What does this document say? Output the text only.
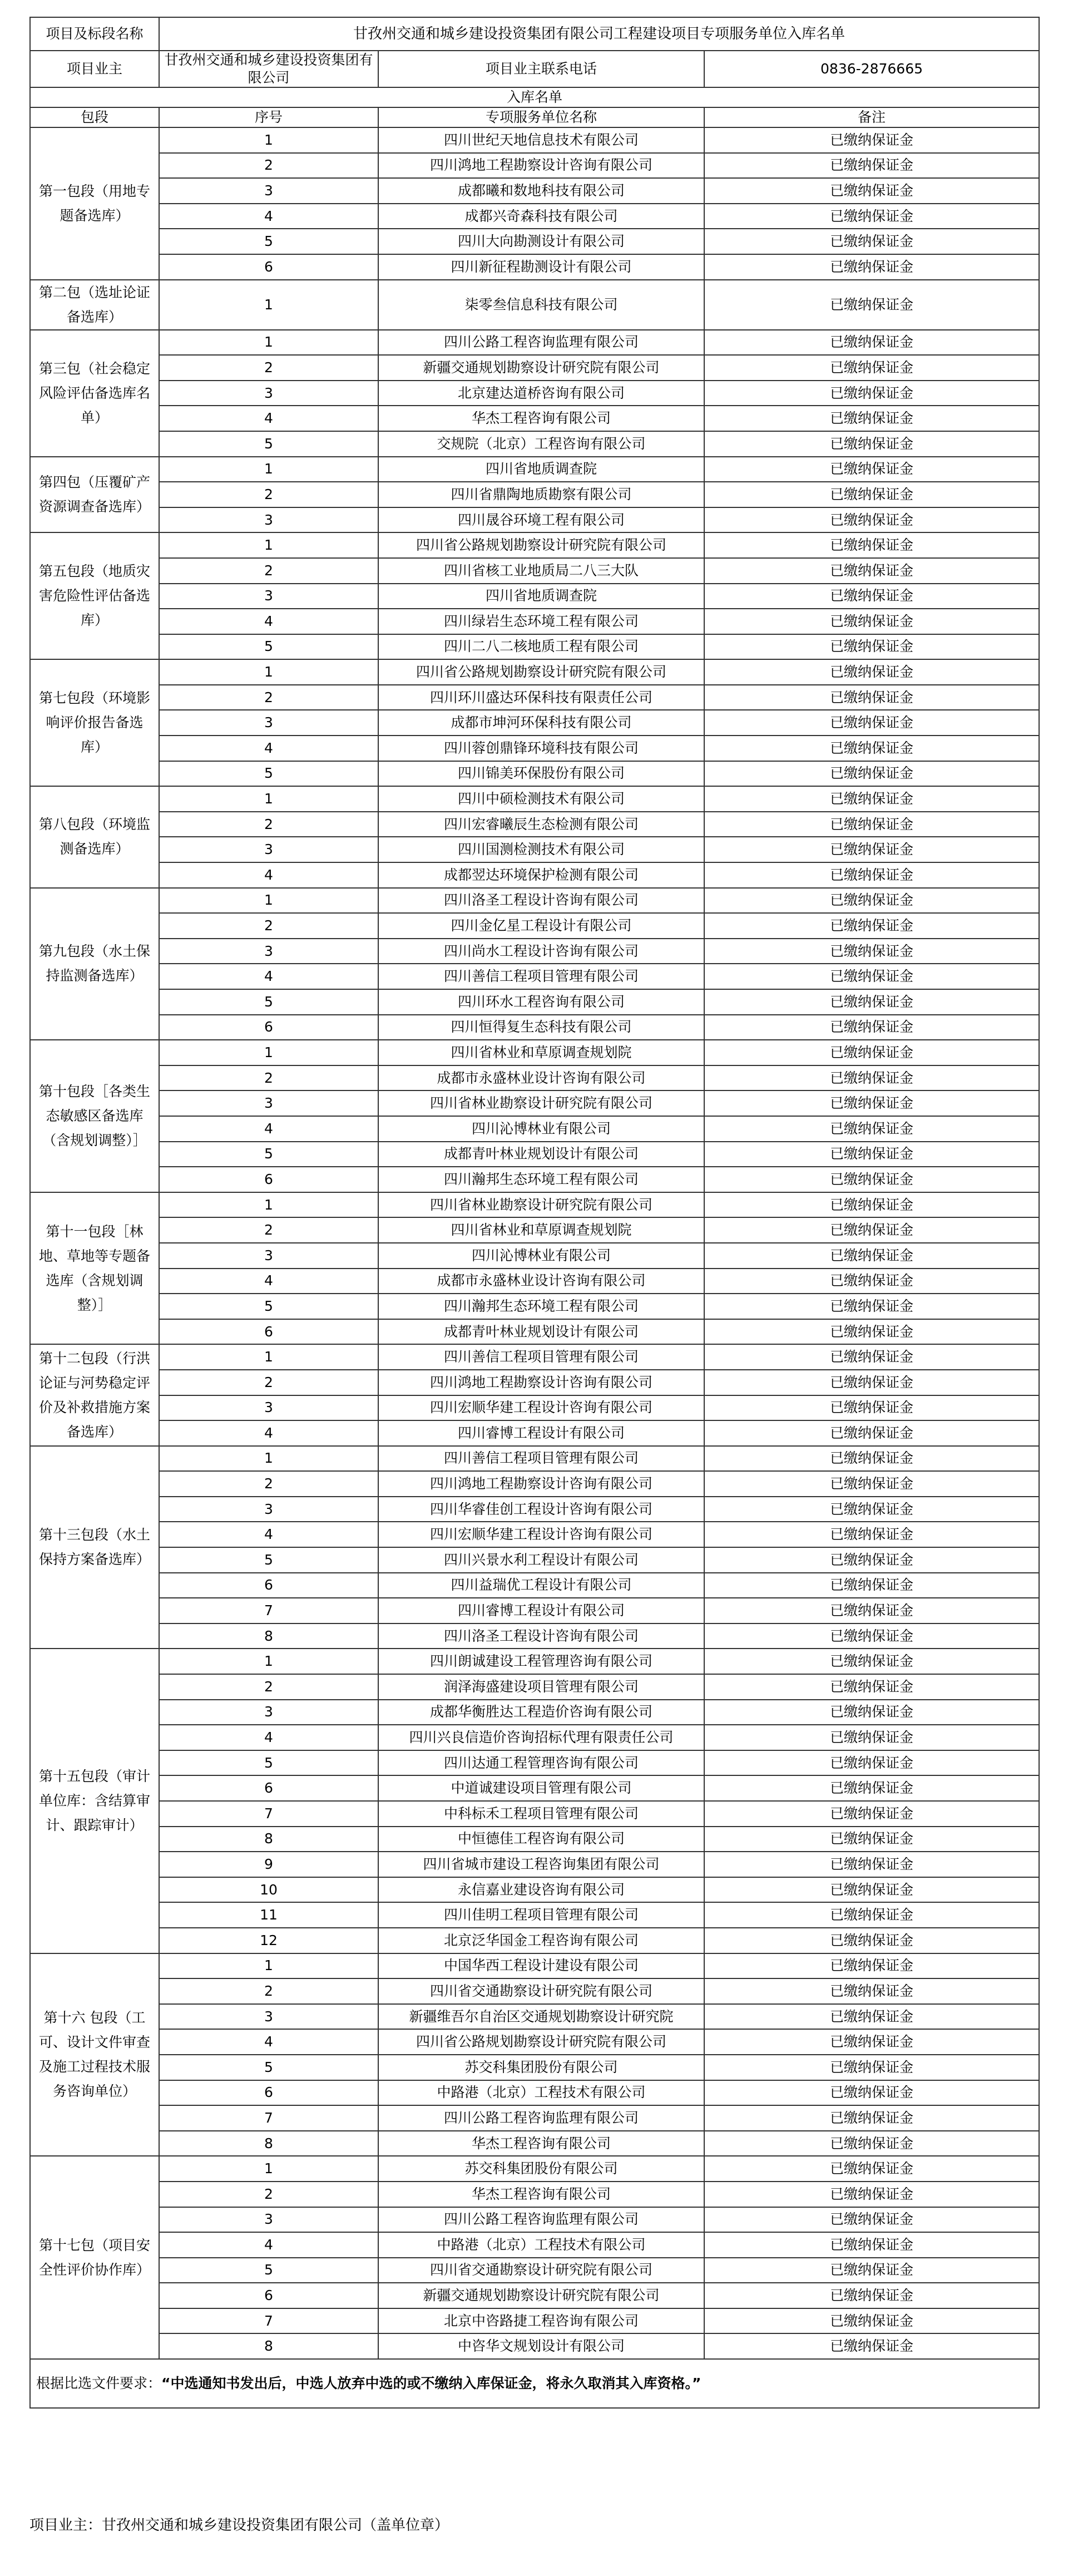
项目及标段名称	甘孜州交通和城乡建设投资集团有限公司工程建设项目专项服务单位入库名单		
项目业主	甘孜州交通和城乡建设投资集团有限公司	项目业主联系电话	0836-2876665
入库名单			
包段	序号	专项服务单位名称	备注
第一包段（用地专题备选库）	1	四川世纪天地信息技术有限公司	已缴纳保证金
	2	四川鸿地工程勘察设计咨询有限公司	已缴纳保证金
	3	成都曦和数地科技有限公司	已缴纳保证金
	4	成都兴奇森科技有限公司	已缴纳保证金
	5	四川大向勘测设计有限公司	已缴纳保证金
	6	四川新征程勘测设计有限公司	已缴纳保证金
第二包（选址论证备选库）	1	柒零叁信息科技有限公司	已缴纳保证金
第三包（社会稳定风险评估备选库名单）	1	四川公路工程咨询监理有限公司	已缴纳保证金
	2	新疆交通规划勘察设计研究院有限公司	已缴纳保证金
	3	北京建达道桥咨询有限公司	已缴纳保证金
	4	华杰工程咨询有限公司	已缴纳保证金
	5	交规院（北京）工程咨询有限公司	已缴纳保证金
第四包（压覆矿产资源调查备选库）	1	四川省地质调查院	已缴纳保证金
	2	四川省鼎陶地质勘察有限公司	已缴纳保证金
	3	四川晟谷环境工程有限公司	已缴纳保证金
第五包段（地质灾害危险性评估备选库）	1	四川省公路规划勘察设计研究院有限公司	已缴纳保证金
	2	四川省核工业地质局二八三大队	已缴纳保证金
	3	四川省地质调查院	已缴纳保证金
	4	四川绿岩生态环境工程有限公司	已缴纳保证金
	5	四川二八二核地质工程有限公司	已缴纳保证金
第七包段（环境影响评价报告备选库）	1	四川省公路规划勘察设计研究院有限公司	已缴纳保证金
	2	四川环川盛达环保科技有限责任公司	已缴纳保证金
	3	成都市坤河环保科技有限公司	已缴纳保证金
	4	四川蓉创鼎锋环境科技有限公司	已缴纳保证金
	5	四川锦美环保股份有限公司	已缴纳保证金
第八包段（环境监测备选库）	1	四川中硕检测技术有限公司	已缴纳保证金
	2	四川宏睿曦辰生态检测有限公司	已缴纳保证金
	3	四川国测检测技术有限公司	已缴纳保证金
	4	成都翌达环境保护检测有限公司	已缴纳保证金
第九包段（水土保持监测备选库）	1	四川洛圣工程设计咨询有限公司	已缴纳保证金
	2	四川金亿星工程设计有限公司	已缴纳保证金
	3	四川尚水工程设计咨询有限公司	已缴纳保证金
	4	四川善信工程项目管理有限公司	已缴纳保证金
	5	四川环水工程咨询有限公司	已缴纳保证金
	6	四川恒得复生态科技有限公司	已缴纳保证金
第十包段［各类生态敏感区备选库（含规划调整）］	1	四川省林业和草原调查规划院	已缴纳保证金
	2	成都市永盛林业设计咨询有限公司	已缴纳保证金
	3	四川省林业勘察设计研究院有限公司	已缴纳保证金
	4	四川沁博林业有限公司	已缴纳保证金
	5	成都青叶林业规划设计有限公司	已缴纳保证金
	6	四川瀚邦生态环境工程有限公司	已缴纳保证金
第十一包段［林地、草地等专题备选库（含规划调整）］	1	四川省林业勘察设计研究院有限公司	已缴纳保证金
	2	四川省林业和草原调查规划院	已缴纳保证金
	3	四川沁博林业有限公司	已缴纳保证金
	4	成都市永盛林业设计咨询有限公司	已缴纳保证金
	5	四川瀚邦生态环境工程有限公司	已缴纳保证金
	6	成都青叶林业规划设计有限公司	已缴纳保证金
第十二包段（行洪论证与河势稳定评价及补救措施方案备选库）	1	四川善信工程项目管理有限公司	已缴纳保证金
	2	四川鸿地工程勘察设计咨询有限公司	已缴纳保证金
	3	四川宏顺华建工程设计咨询有限公司	已缴纳保证金
	4	四川睿博工程设计有限公司	已缴纳保证金
第十三包段（水土保持方案备选库）	1	四川善信工程项目管理有限公司	已缴纳保证金
	2	四川鸿地工程勘察设计咨询有限公司	已缴纳保证金
	3	四川华睿佳创工程设计咨询有限公司	已缴纳保证金
	4	四川宏顺华建工程设计咨询有限公司	已缴纳保证金
	5	四川兴景水利工程设计有限公司	已缴纳保证金
	6	四川益瑞优工程设计有限公司	已缴纳保证金
	7	四川睿博工程设计有限公司	已缴纳保证金
	8	四川洛圣工程设计咨询有限公司	已缴纳保证金
第十五包段（审计单位库：含结算审计、跟踪审计）	1	四川朗诚建设工程管理咨询有限公司	已缴纳保证金
	2	润泽海盛建设项目管理有限公司	已缴纳保证金
	3	成都华衡胜达工程造价咨询有限公司	已缴纳保证金
	4	四川兴良信造价咨询招标代理有限责任公司	已缴纳保证金
	5	四川达通工程管理咨询有限公司	已缴纳保证金
	6	中道诚建设项目管理有限公司	已缴纳保证金
	7	中科标禾工程项目管理有限公司	已缴纳保证金
	8	中恒德佳工程咨询有限公司	已缴纳保证金
	9	四川省城市建设工程咨询集团有限公司	已缴纳保证金
	10	永信嘉业建设咨询有限公司	已缴纳保证金
	11	四川佳明工程项目管理有限公司	已缴纳保证金
	12	北京泛华国金工程咨询有限公司	已缴纳保证金
第十六 包段（工可、设计文件审查及施工过程技术服务咨询单位）	1	中国华西工程设计建设有限公司	已缴纳保证金
	2	四川省交通勘察设计研究院有限公司	已缴纳保证金
	3	新疆维吾尔自治区交通规划勘察设计研究院	已缴纳保证金
	4	四川省公路规划勘察设计研究院有限公司	已缴纳保证金
	5	苏交科集团股份有限公司	已缴纳保证金
	6	中路港（北京）工程技术有限公司	已缴纳保证金
	7	四川公路工程咨询监理有限公司	已缴纳保证金
	8	华杰工程咨询有限公司	已缴纳保证金
第十七包（项目安全性评价协作库）	1	苏交科集团股份有限公司	已缴纳保证金
	2	华杰工程咨询有限公司	已缴纳保证金
	3	四川公路工程咨询监理有限公司	已缴纳保证金
	4	中路港（北京）工程技术有限公司	已缴纳保证金
	5	四川省交通勘察设计研究院有限公司	已缴纳保证金
	6	新疆交通规划勘察设计研究院有限公司	已缴纳保证金
	7	北京中咨路捷工程咨询有限公司	已缴纳保证金
	8	中咨华文规划设计有限公司	已缴纳保证金
根据比选文件要求：“中选通知书发出后，中选人放弃中选的或不缴纳入库保证金，将永久取消其入库资格。”			
项目业主：甘孜州交通和城乡建设投资集团有限公司（盖单位章）
